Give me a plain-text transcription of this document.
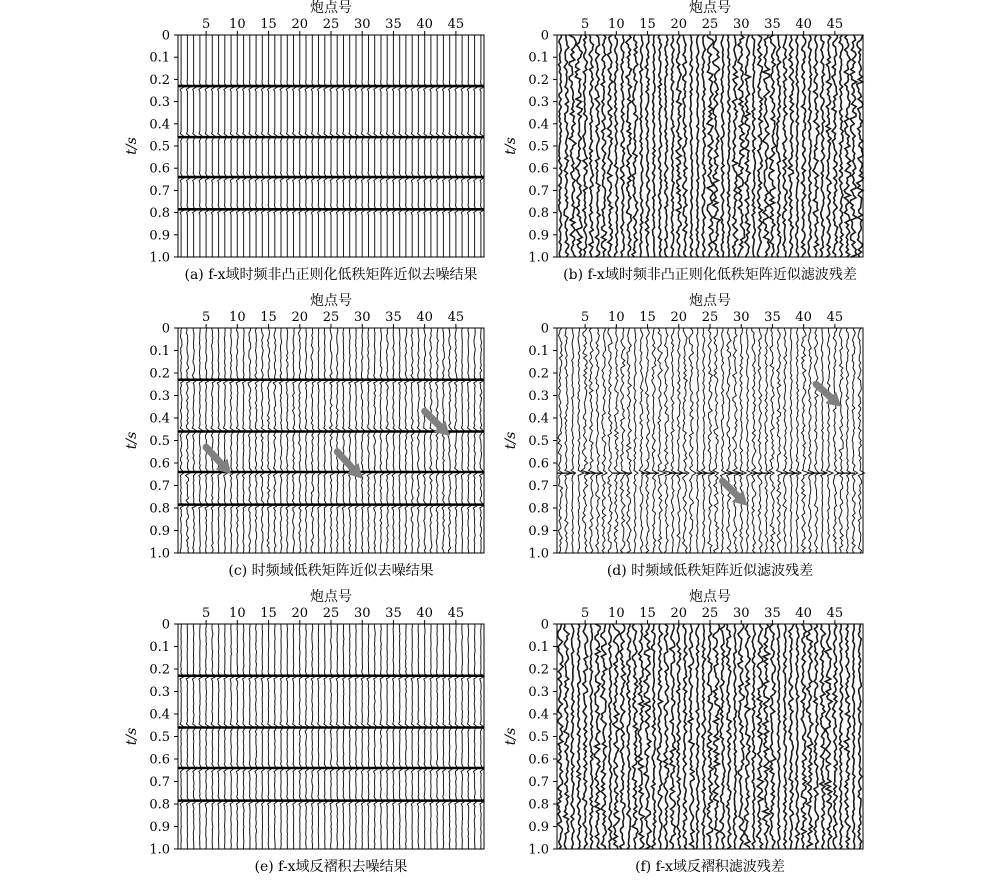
5 10 15 20 25 30 35 40 45
炮点号
0
0.1
0.2
0.3
0.4
0.5
0.6
0.7
0.8
0.9
1.0
t/s
(a) f-x域时频非凸正则化低秩矩阵近似去噪结果
5 10 15 20 25 30 35 40 45
炮点号
0
0.1
0.2
0.3
0.4
0.5
0.6
0.7
0.8
0.9
1.0
t/s
(b) f-x域时频非凸正则化低秩矩阵近似滤波残差
5 10 15 20 25 30 35 40 45
炮点号
0
0.1
0.2
0.3
0.4
0.5
0.6
0.7
0.8
0.9
1.0
t/s
(c) 时频域低秩矩阵近似去噪结果
5 10 15 20 25 30 35 40 45
炮点号
0
0.1
0.2
0.3
0.4
0.5
0.6
0.7
0.8
0.9
1.0
t/s
(d) 时频域低秩矩阵近似滤波残差
5 10 15 20 25 30 35 40 45
炮点号
0
0.1
0.2
0.3
0.4
0.5
0.6
0.7
0.8
0.9
1.0
t/s
(e) f-x域反褶积去噪结果
5 10 15 20 25 30 35 40 45
炮点号
0
0.1
0.2
0.3
0.4
0.5
0.6
0.7
0.8
0.9
1.0
t/s
(f) f-x域反褶积滤波残差
